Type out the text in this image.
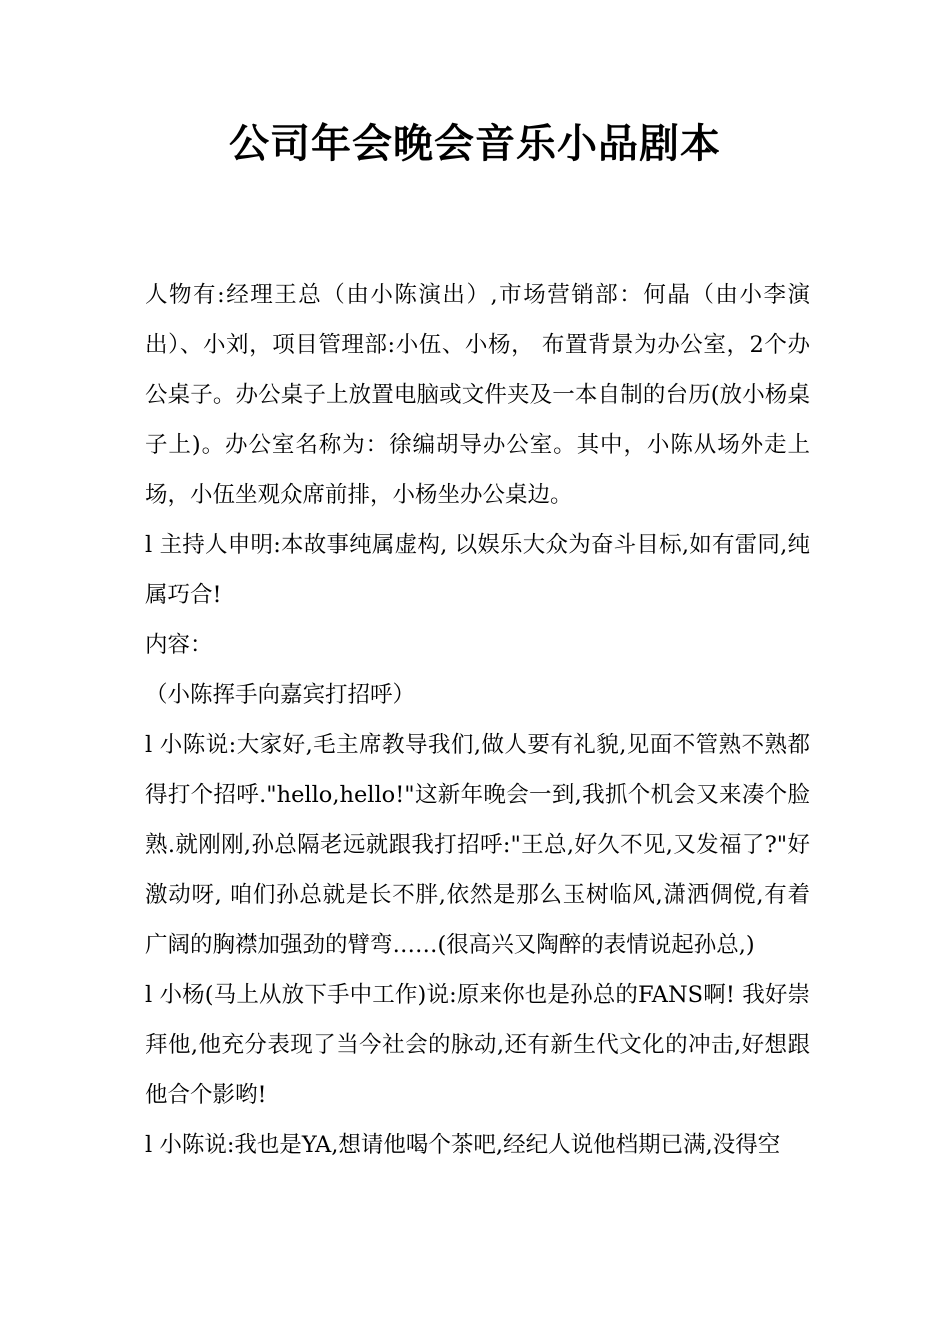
公司年会晚会音乐小品剧本

人物有:经理王总（由小陈演出）,市场营销部：何晶（由小李演出）、小刘，项目管理部:小伍、小杨， 布置背景为办公室，2个办公桌子。办公桌子上放置电脑或文件夹及一本自制的台历(放小杨桌子上)。办公室名称为：徐编胡导办公室。其中，小陈从场外走上场，小伍坐观众席前排，小杨坐办公桌边。

l 主持人申明:本故事纯属虚构, 以娱乐大众为奋斗目标,如有雷同,纯属巧合!

内容：

（小陈挥手向嘉宾打招呼）

l 小陈说:大家好,毛主席教导我们,做人要有礼貌,见面不管熟不熟都得打个招呼."hello,hello!"这新年晚会一到,我抓个机会又来凑个脸熟.就刚刚,孙总隔老远就跟我打招呼:"王总,好久不见,又发福了?"好激动呀, 咱们孙总就是长不胖,依然是那么玉树临风,潇洒倜傥,有着广阔的胸襟加强劲的臂弯……(很高兴又陶醉的表情说起孙总,)

l 小杨(马上从放下手中工作)说:原来你也是孙总的FANS啊! 我好崇拜他,他充分表现了当今社会的脉动,还有新生代文化的冲击,好想跟他合个影哟!

l 小陈说:我也是YA,想请他喝个茶吧,经纪人说他档期已满,没得空
